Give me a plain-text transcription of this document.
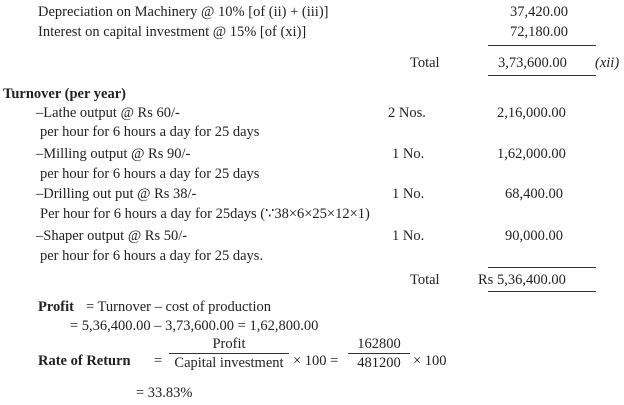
Depreciation on Machinery @ 10% [of (ii) + (iii)]	37,420.00
Interest on capital investment @ 15% [of (xi)]	72,180.00
Total	3,73,600.00 (xii)
Turnover (per year)
–Lathe output @ Rs 60/-	2 Nos.	2,16,000.00
per hour for 6 hours a day for 25 days
–Milling output @ Rs 90/-	1 No.	1,62,000.00
per hour for 6 hours a day for 25 days
–Drilling out put @ Rs 38/-	1 No.	68,400.00
Per hour for 6 hours a day for 25days (∵38×6×25×12×1)
–Shaper output @ Rs 50/-	1 No.	90,000.00
per hour for 6 hours a day for 25 days.
Total	Rs 5,36,400.00
Profit = Turnover – cost of production
= 5,36,400.00 – 3,73,600.00 = 1,62,800.00
Rate of Return =
Profit
Capital investment × 100 =
162800
481200 × 100
= 33.83%
